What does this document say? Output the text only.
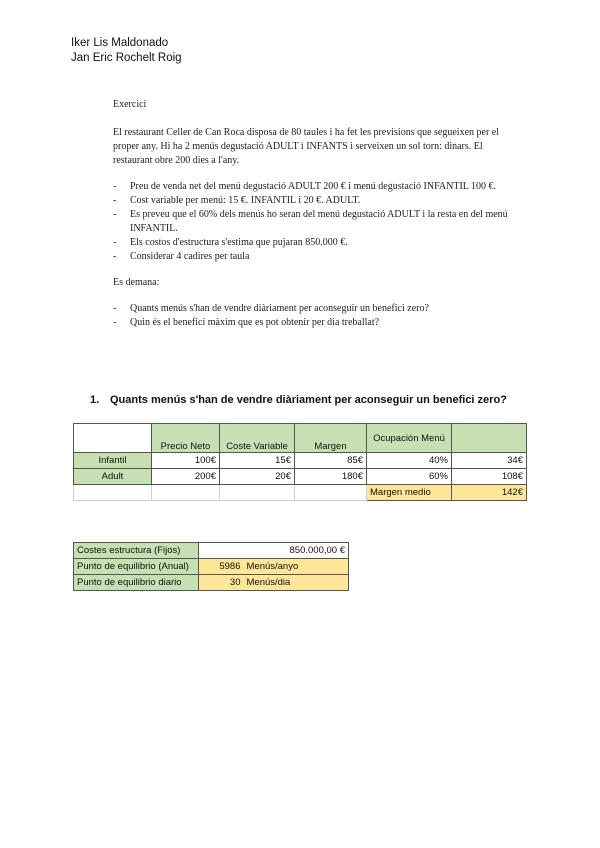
Iker Lis Maldonado
Jan Eric Rochelt Roig
Exercici

El restaurant Celler de Can Roca disposa de 80 taules i ha fet les previsions que segueixen per el proper any. Hi ha 2 menús degustació ADULT i INFANTS i serveixen un sol torn: dinars. El restaurant obre 200 dies a l'any.

- Preu de venda net del menú degustació ADULT 200 € i menú degustació INFANTIL 100 €.
- Cost variable per menú: 15 €. INFANTIL i 20 €. ADULT.
- Es preveu que el 60% dels menús ho seran del menú degustació ADULT i la resta en del menú INFANTIL.
- Els costos d'estructura s'estima que pujaran 850.000 €.
- Considerar 4 cadires per taula

Es demana:

- Quants menús s'han de vendre diàriament per aconseguir un benefici zero?
- Quin és el benefici màxim que es pot obtenir per dia treballat?
1. Quants menús s'han de vendre diàriament per aconseguir un benefici zero?
	Precio Neto	Coste Variable	Margen	Ocupación Menú	
Infantil	100€	15€	85€	40%	34€
Adult	200€	20€	180€	60%	108€
				Margen medio	142€
Costes estructura (Fijos)	850.000,00 €	
Punto de equilibrio (Anual)	5986	Menús/anyo
Punto de equilibrio diario	30	Menús/dia
